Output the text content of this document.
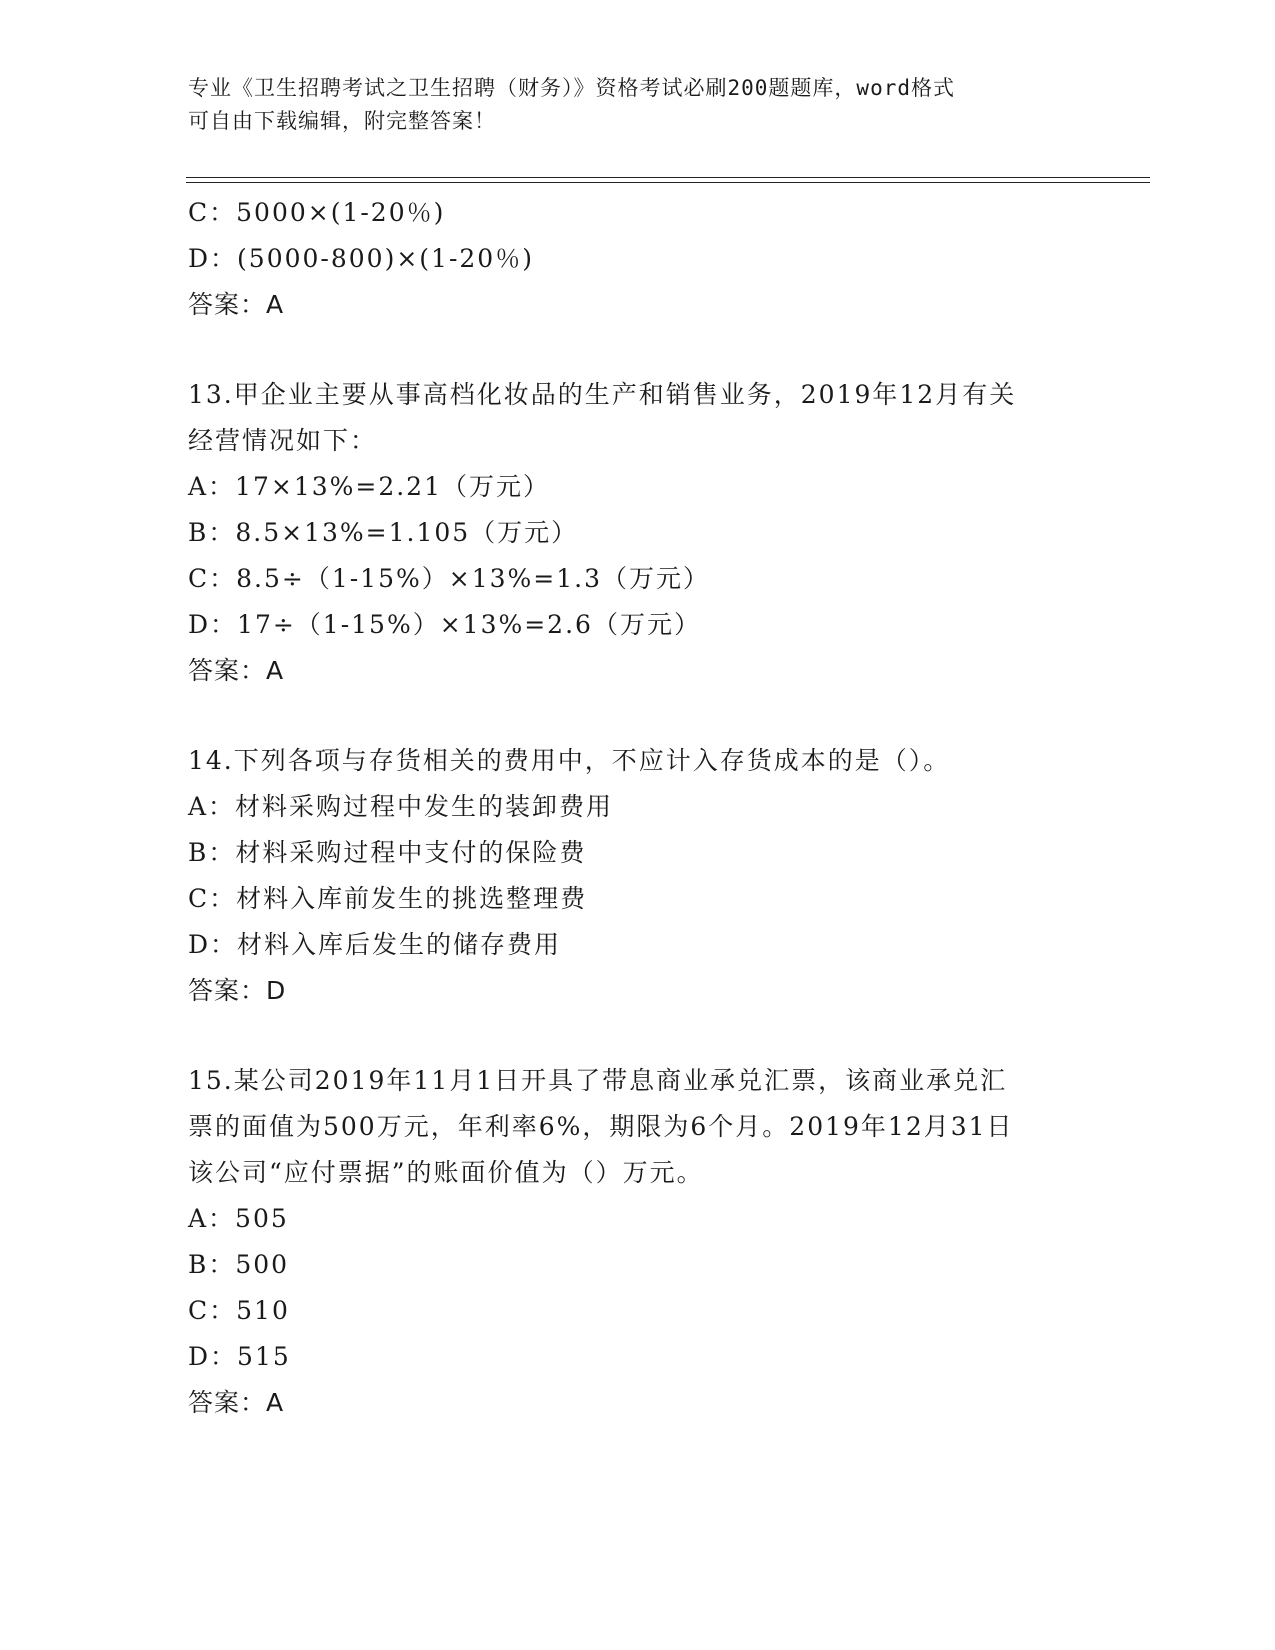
专业《卫生招聘考试之卫生招聘（财务）》资格考试必刷200题题库，word格式
可自由下载编辑，附完整答案！
C：5000×(1-20％)
D：(5000-800)×(1-20％)
答案：A
13.甲企业主要从事高档化妆品的生产和销售业务，2019年12月有关
经营情况如下：
A：17×13%=2.21（万元）
B：8.5×13%=1.105（万元）
C：8.5÷（1-15%）×13%=1.3（万元）
D：17÷（1-15%）×13%=2.6（万元）
答案：A
14.下列各项与存货相关的费用中，不应计入存货成本的是（）。
A：材料采购过程中发生的装卸费用
B：材料采购过程中支付的保险费
C：材料入库前发生的挑选整理费
D：材料入库后发生的储存费用
答案：D
15.某公司2019年11月1日开具了带息商业承兑汇票，该商业承兑汇
票的面值为500万元，年利率6%，期限为6个月。2019年12月31日
该公司“应付票据”的账面价值为（）万元。
A：505
B：500
C：510
D：515
答案：A
